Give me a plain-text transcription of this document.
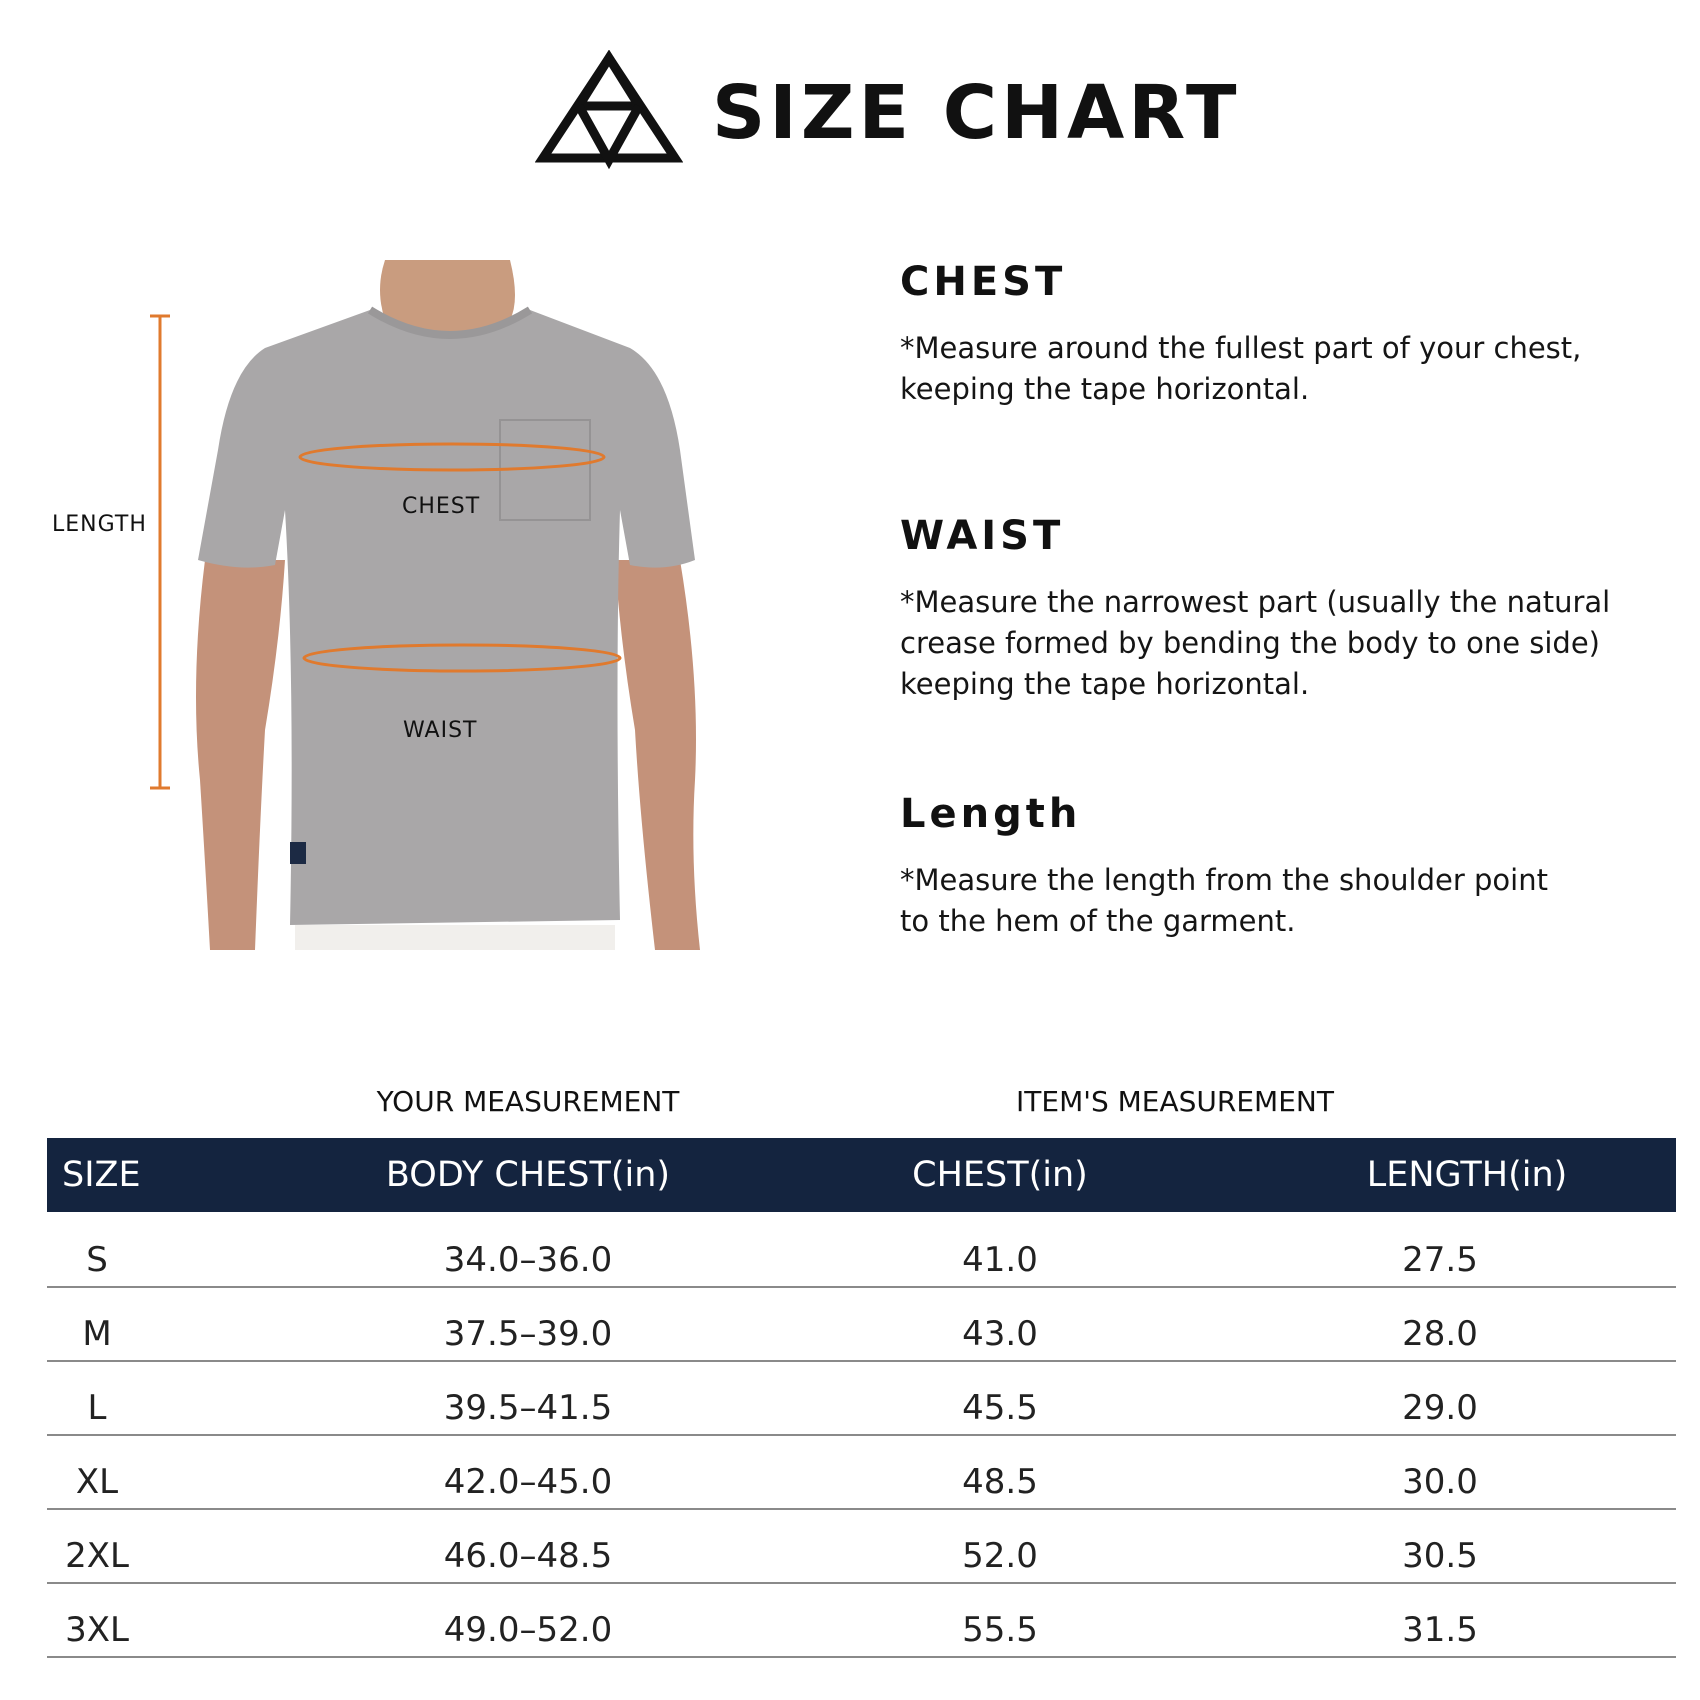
SIZE CHART
LENGTH
CHEST
WAIST
CHEST

*Measure around the fullest part of your chest,
keeping the tape horizontal.

WAIST

*Measure the narrowest part (usually the natural
crease formed by bending the body to one side)
keeping the tape horizontal.

Length

*Measure the length from the shoulder point
to the hem of the garment.

YOUR MEASUREMENT	ITEM'S MEASUREMENT
SIZE	BODY CHEST(in)	CHEST(in)	LENGTH(in)
S	34.0–36.0	41.0	27.5
M	37.5–39.0	43.0	28.0
L	39.5–41.5	45.5	29.0
XL	42.0–45.0	48.5	30.0
2XL	46.0–48.5	52.0	30.5
3XL	49.0–52.0	55.5	31.5
